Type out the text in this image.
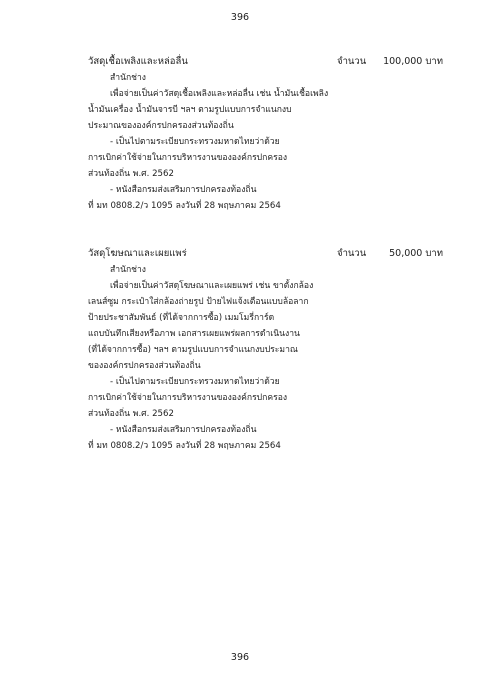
396
วัสดุเชื้อเพลิงและหล่อลื่น	จำนวน 100,000 บาท
สำนักช่าง
เพื่อจ่ายเป็นค่าวัสดุเชื้อเพลิงและหล่อลื่น เช่น น้ำมันเชื้อเพลิง
น้ำมันเครื่อง น้ำมันจารบี ฯลฯ ตามรูปแบบการจำแนกงบ
ประมาณขององค์กรปกครองส่วนท้องถิ่น
- เป็นไปตามระเบียบกระทรวงมหาดไทยว่าด้วย
การเบิกค่าใช้จ่ายในการบริหารงานขององค์กรปกครอง
ส่วนท้องถิ่น พ.ศ. 2562
- หนังสือกรมส่งเสริมการปกครองท้องถิ่น
ที่ มท 0808.2/ว 1095 ลงวันที่ 28 พฤษภาคม 2564
วัสดุโฆษณาและเผยแพร่	จำนวน 50,000 บาท
สำนักช่าง
เพื่อจ่ายเป็นค่าวัสดุโฆษณาและเผยแพร่ เช่น ขาตั้งกล้อง
เลนส์ซูม กระเป๋าใส่กล้องถ่ายรูป ป้ายไฟแจ้งเตือนแบบล้อลาก
ป้ายประชาสัมพันธ์ (ที่ได้จากการซื้อ) เมมโมรี่การ์ด
แถบบันทึกเสียงหรือภาพ เอกสารเผยแพร่ผลการดำเนินงาน
(ที่ได้จากการซื้อ) ฯลฯ ตามรูปแบบการจำแนกงบประมาณ
ขององค์กรปกครองส่วนท้องถิ่น
- เป็นไปตามระเบียบกระทรวงมหาดไทยว่าด้วย
การเบิกค่าใช้จ่ายในการบริหารงานขององค์กรปกครอง
ส่วนท้องถิ่น พ.ศ. 2562
- หนังสือกรมส่งเสริมการปกครองท้องถิ่น
ที่ มท 0808.2/ว 1095 ลงวันที่ 28 พฤษภาคม 2564
396
